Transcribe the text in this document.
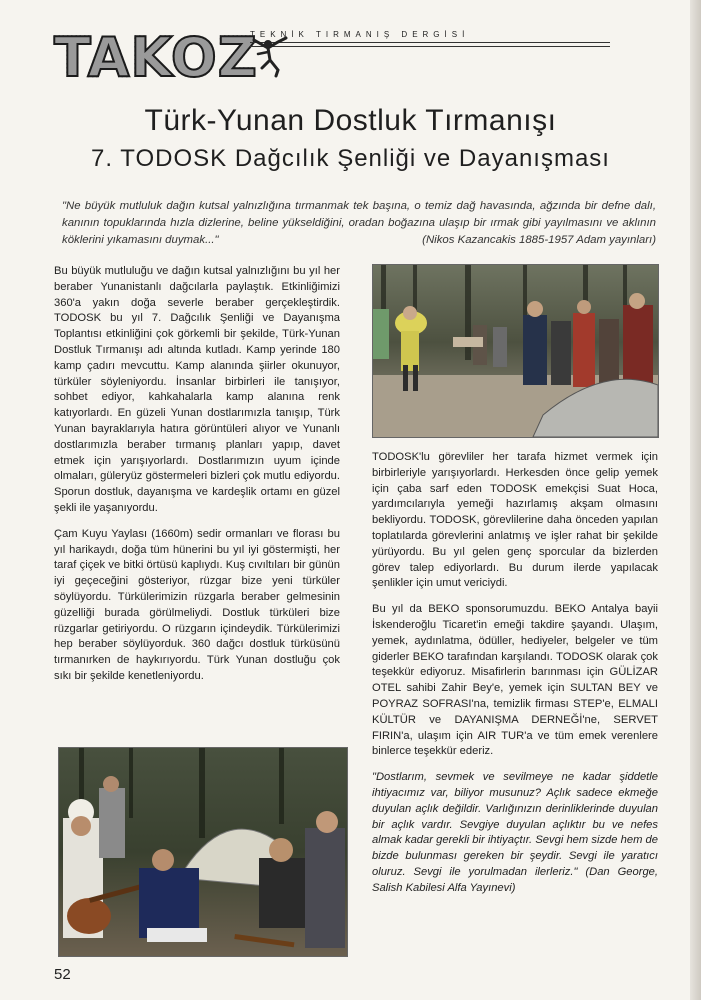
TAKOZ
TEKNİK TIRMANIŞ DERGİSİ
Türk-Yunan Dostluk Tırmanışı
7. TODOSK Dağcılık Şenliği ve Dayanışması
"Ne büyük mutluluk dağın kutsal yalnızlığına tırmanmak tek başına, o temiz dağ havasında, ağzında bir defne dalı, kanının topuklarında hızla dizlerine, beline yükseldiğini, oradan boğazına ulaşıp bir ırmak gibi yayılmasını ve aklının köklerini yıkamasını duymak..."	(Nikos Kazancakis 1885-1957 Adam yayınları)

Bu büyük mutluluğu ve dağın kutsal yalnızlığını bu yıl her beraber Yunanistanlı dağcılarla paylaştık. Etkinliğimizi 360'a yakın doğa severle beraber gerçekleştirdik. TODOSK bu yıl 7. Dağcılık Şenliği ve Dayanışma Toplantısı etkinliğini çok görkemli bir şekilde, Türk-Yunan Dostluk Tırmanışı adı altında kutladı. Kamp yerinde 180 kamp çadırı mevcuttu. Kamp alanında şiirler okunuyor, türküler söyleniyordu. İnsanlar birbirleri ile tanışıyor, sohbet ediyor, kahkahalarla kamp alanına renk katıyorlardı. En güzeli Yunan dostlarımızla tanışıp, Türk Yunan bayraklarıyla hatıra görüntüleri alıyor ve Yunanlı dostlarımızla beraber tırmanış planları yapıp, davet etmek için yarışıyorlardı. Dostlarımızın uyum içinde olmaları, güleryüz göstermeleri bizleri çok mutlu ediyordu. Sporun dostluk, dayanışma ve kardeşlik ortamı en güzel şekli ile yaşanıyordu.

Çam Kuyu Yaylası (1660m) sedir ormanları ve florası bu yıl harikaydı, doğa tüm hünerini bu yıl iyi göstermişti, her taraf çiçek ve bitki örtüsü kaplıydı. Kuş cıvıltıları bir günün iyi geçeceğini gösteriyor, rüzgar bize yeni türküler söylüyordu. Türkülerimizin rüzgarla beraber gelmesinin güzelliği burada görülmeliydi. Dostluk türküleri bize rüzgarlar getiriyordu. O rüzgarın içindeydik. Türkülerimizi hep beraber söylüyorduk. 360 dağcı dostluk türküsünü tırmanırken de haykırıyordu. Türk Yunan dostluğu çok sıkı bir şekilde kenetleniyordu.

TODOSK'lu görevliler her tarafa hizmet vermek için birbirleriyle yarışıyorlardı. Herkesden önce gelip yemek için çaba sarf eden TODOSK emekçisi Suat Hoca, yardımcılarıyla yemeği hazırlamış akşam olmasını bekliyordu. TODOSK, görevlilerine daha önceden yapılan toplatılarda görevlerini anlatmış ve işler rahat bir şekilde yürüyordu. Bu yıl gelen genç sporcular da bizlerden görev talep ediyorlardı. Bu durum ilerde yapılacak şenlikler için umut vericiydi.

Bu yıl da BEKO sponsorumuzdu. BEKO Antalya bayii İskenderoğlu Ticaret'in emeği takdire şayandı. Ulaşım, yemek, aydınlatma, ödüller, hediyeler, belgeler ve tüm giderler BEKO tarafından karşılandı. TODOSK olarak çok teşekkür ediyoruz. Misafirlerin barınması için GÜLİZAR OTEL sahibi Zahir Bey'e, yemek için SULTAN BEY ve POYRAZ SOFRASI'na, temizlik firması STEP'e, ELMALI KÜLTÜR ve DAYANIŞMA DERNEĞİ'ne, SERVET FIRIN'a, ulaşım için AIR TUR'a ve tüm emek verenlere binlerce teşekkür ederiz.

"Dostlarım, sevmek ve sevilmeye ne kadar şiddetle ihtiyacımız var, biliyor musunuz? Açlık sadece ekmeğe duyulan açlık değildir. Varlığınızın derinliklerinde duyulan bir açlık vardır. Sevgiye duyulan açlıktır bu ve nefes almak kadar gerekli bir ihtiyaçtır. Sevgi hem sizde hem de bizde bulunması gereken bir şeydir. Sevgi ile yaratıcı oluruz. Sevgi ile yorulmadan ilerleriz." (Dan George, Salish Kabilesi Alfa Yayınevi)

52
